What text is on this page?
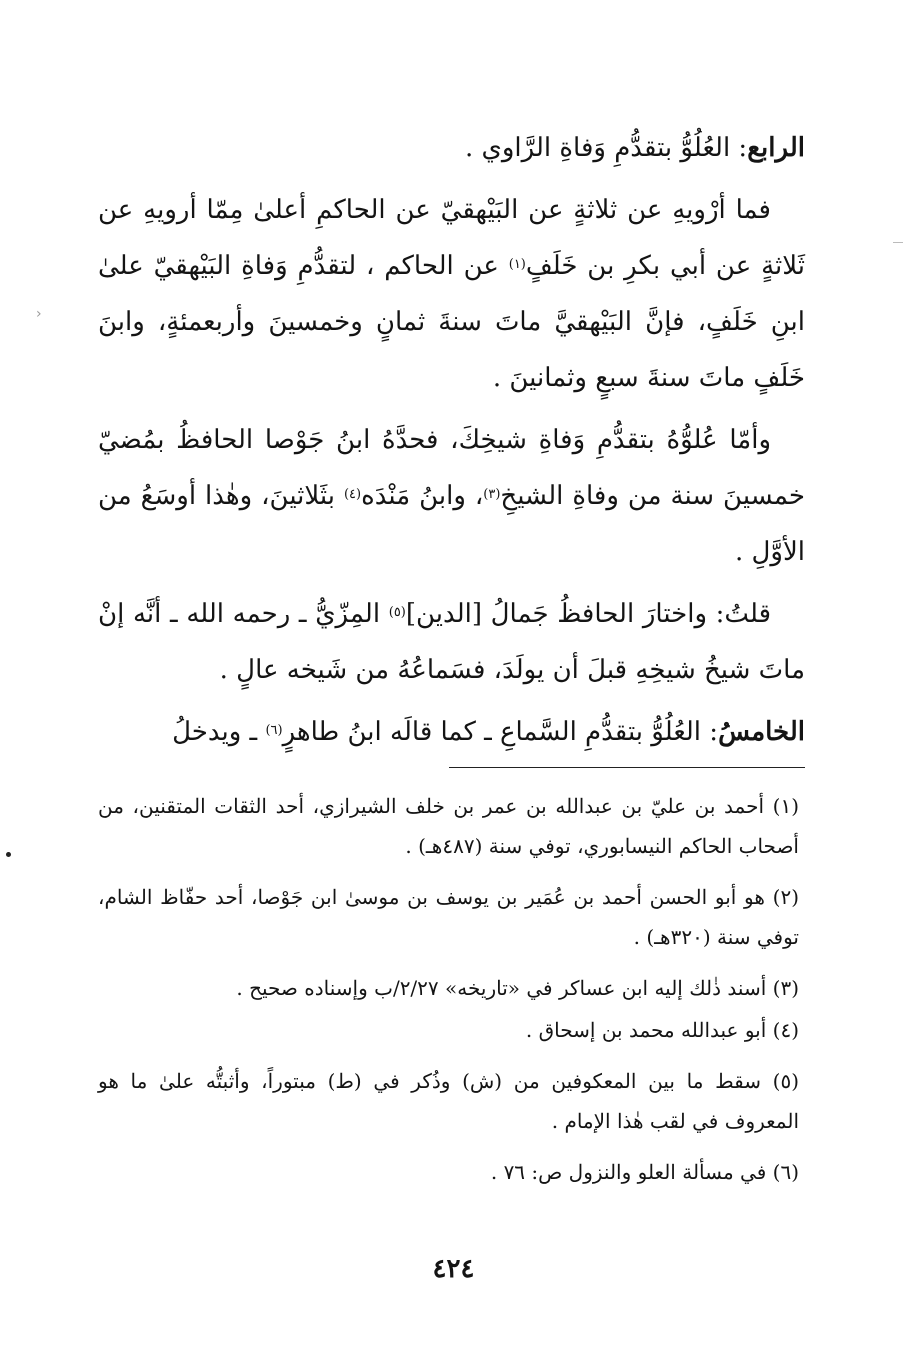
الرابع: العُلُوُّ بتقدُّمِ وَفاةِ الرَّاوي .

فما أرْويهِ عن ثلاثةٍ عن البَيْهقيّ عن الحاكمِ أعلىٰ مِمّا أرويهِ عن ثَلاثةٍ عن أبي بكرِ بن خَلَفٍ$^{(١)}$ عن الحاكم ، لتقدُّمِ وَفاةِ البَيْهقيّ علىٰ ابنِ خَلَفٍ، فإنَّ البَيْهقيَّ ماتَ سنةَ ثمانٍ وخمسينَ وأربعمئةٍ، وابنَ خَلَفٍ ماتَ سنةَ سبعٍ وثمانينَ .

وأمّا عُلوُّهُ بتقدُّمِ وَفاةِ شيخِكَ، فحدَّهُ ابنُ جَوْصا الحافظُ بمُضيّ خمسينَ سنة من وفاةِ الشيخِ$^{(٣)}$، وابنُ مَنْدَه$^{(٤)}$ بثَلاثينَ، وهٰذا أوسَعُ من الأوَّلِ .

قلتُ: واختارَ الحافظُ جَمالُ [الدين]$^{(٥)}$ المِزّيُّ ـ رحمه الله ـ أنَّه إنْ ماتَ شيخُ شيخِهِ قبلَ أن يولَدَ، فسَماعُهُ من شَيخه عالٍ .

الخامسُ: العُلُوُّ بتقدُّمِ السَّماعِ ـ كما قالَه ابنُ طاهرٍ$^{(٦)}$ ـ ويدخلُ

(١) أحمد بن عليّ بن عبدالله بن عمر بن خلف الشيرازي، أحد الثقات المتقنين، من أصحاب الحاكم النيسابوري، توفي سنة (٤٨٧هـ) .
(٢) هو أبو الحسن أحمد بن عُمَير بن يوسف بن موسىٰ ابن جَوْصا، أحد حفّاظ الشام، توفي سنة (٣٢٠هـ) .
(٣) أسند ذٰلك إليه ابن عساكر في «تاريخه» ٢/٢٧/ب وإسناده صحيح .
(٤) أبو عبدالله محمد بن إسحاق .
(٥) سقط ما بين المعكوفين من (ش) وذُكر في (ط) مبتوراً، وأثبتُّه علىٰ ما هو المعروف في لقب هٰذا الإمام .
(٦) في مسألة العلو والنزول ص: ٧٦ .
٤٢٤
‹
